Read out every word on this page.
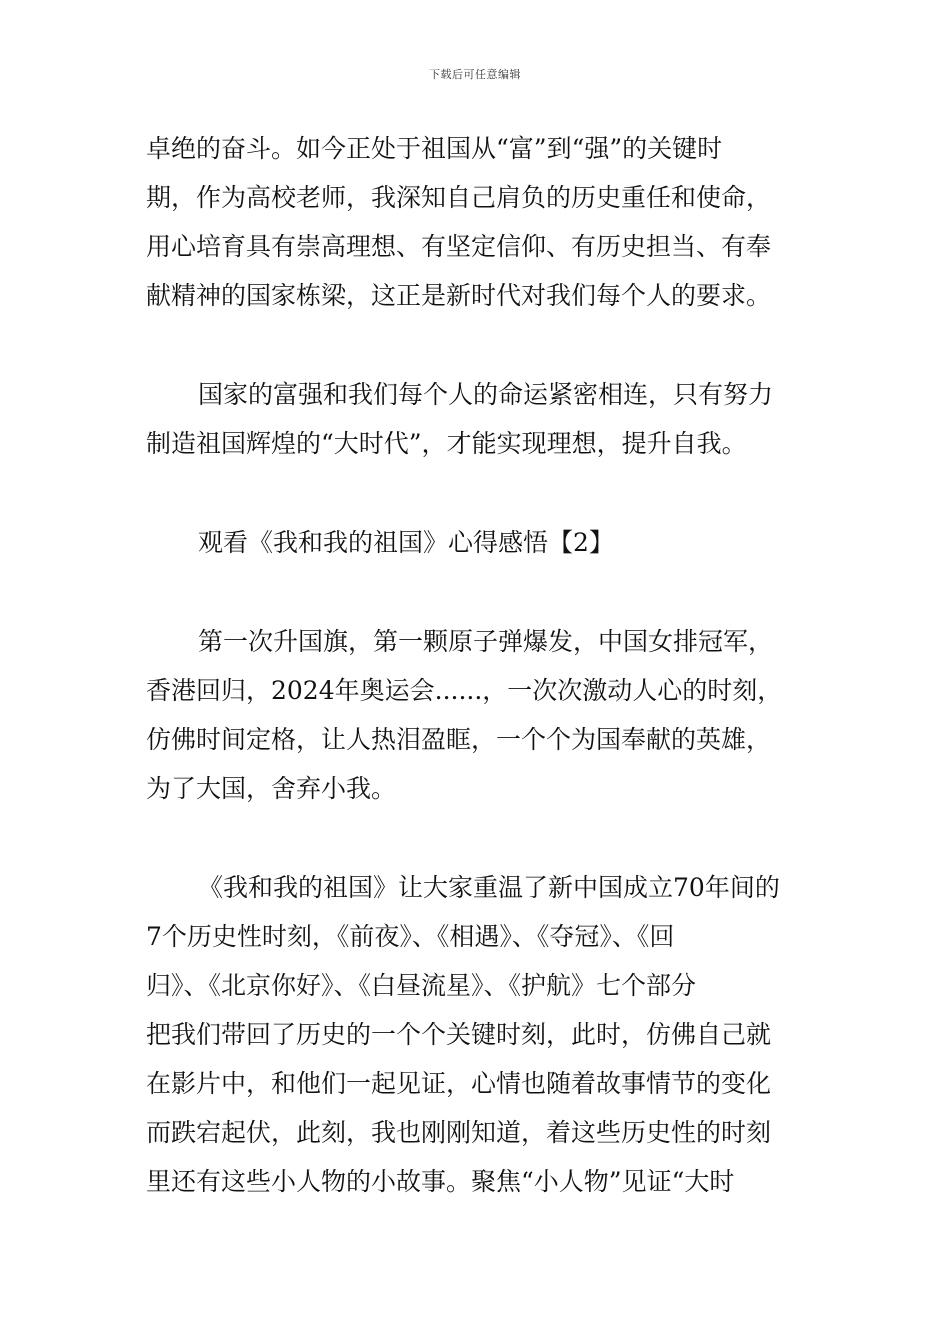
下载后可任意编辑
卓绝的奋斗。如今正处于祖国从“富”到“强”的关键时
期，作为高校老师，我深知自己肩负的历史重任和使命，
用心培育具有崇高理想、有坚定信仰、有历史担当、有奉
献精神的国家栋梁，这正是新时代对我们每个人的要求。
国家的富强和我们每个人的命运紧密相连，只有努力
制造祖国辉煌的“大时代”，才能实现理想，提升自我。
观看《我和我的祖国》心得感悟【2】
第一次升国旗，第一颗原子弹爆发，中国女排冠军，
香港回归，2024年奥运会......，一次次激动人心的时刻，
仿佛时间定格，让人热泪盈眶，一个个为国奉献的英雄，
为了大国，舍弃小我。
《我和我的祖国》让大家重温了新中国成立70年间的
7个历史性时刻，《前夜》、《相遇》、《夺冠》、《回
归》、《北京你好》、《白昼流星》、《护航》七个部分
把我们带回了历史的一个个关键时刻，此时，仿佛自己就
在影片中，和他们一起见证，心情也随着故事情节的变化
而跌宕起伏，此刻，我也刚刚知道，着这些历史性的时刻
里还有这些小人物的小故事。聚焦“小人物”见证“大时
